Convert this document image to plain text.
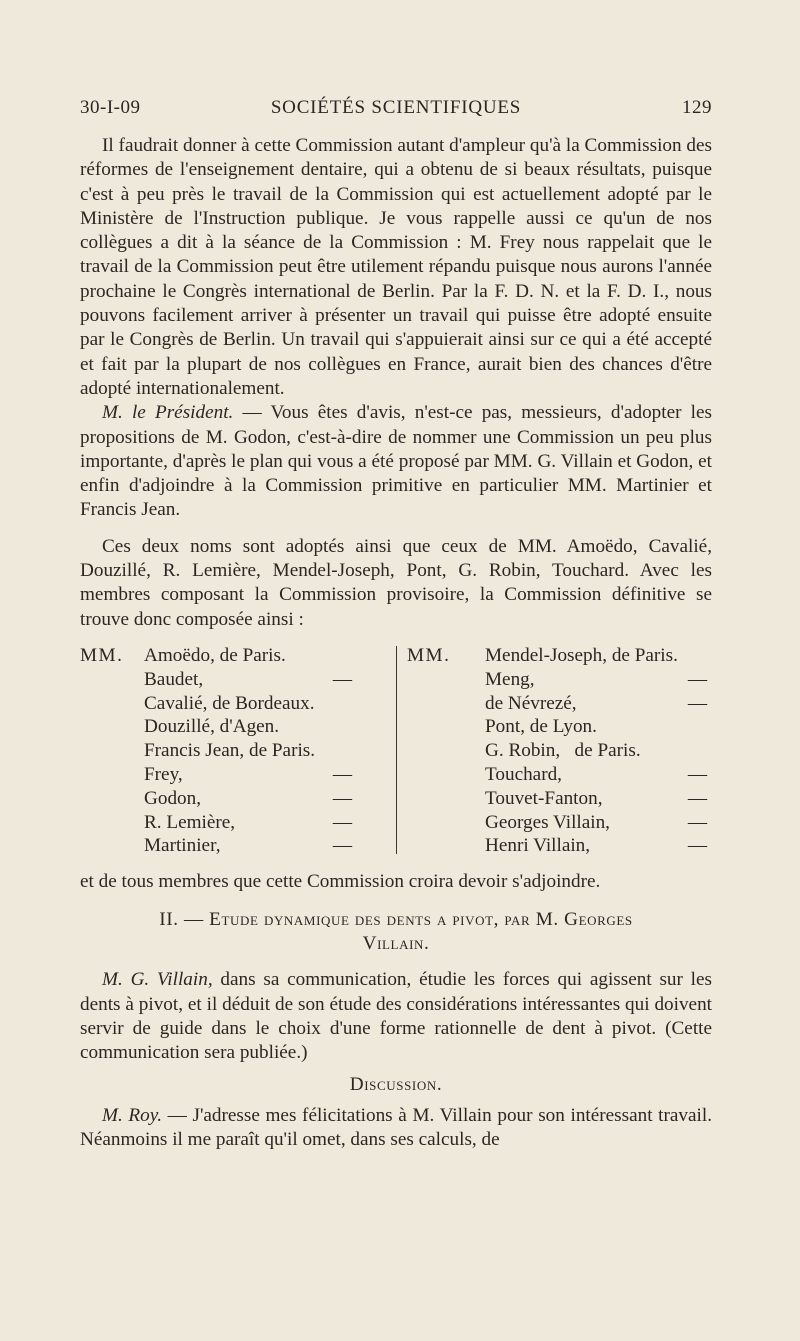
30-I-09	SOCIÉTÉS SCIENTIFIQUES	129

Il faudrait donner à cette Commission autant d'ampleur qu'à la Commission des réformes de l'enseignement dentaire, qui a obtenu de si beaux résultats, puisque c'est à peu près le travail de la Commission qui est actuellement adopté par le Ministère de l'Instruction publique. Je vous rappelle aussi ce qu'un de nos collègues a dit à la séance de la Commission : M. Frey nous rappelait que le travail de la Commission peut être utilement répandu puisque nous aurons l'année prochaine le Congrès international de Berlin. Par la F. D. N. et la F. D. I., nous pouvons facilement arriver à présenter un travail qui puisse être adopté ensuite par le Congrès de Berlin. Un travail qui s'appuierait ainsi sur ce qui a été accepté et fait par la plupart de nos collègues en France, aurait bien des chances d'être adopté internationalement.

M. le Président. — Vous êtes d'avis, n'est-ce pas, messieurs, d'adopter les propositions de M. Godon, c'est-à-dire de nommer une Commission un peu plus importante, d'après le plan qui vous a été proposé par MM. G. Villain et Godon, et enfin d'adjoindre à la Commission primitive en particulier MM. Martinier et Francis Jean.

Ces deux noms sont adoptés ainsi que ceux de MM. Amoëdo, Cavalié, Douzillé, R. Lemière, Mendel-Joseph, Pont, G. Robin, Touchard. Avec les membres composant la Commission provisoire, la Commission définitive se trouve donc composée ainsi :

MM. Amoëdo, de Paris.
Baudet,	—
Cavalié, de Bordeaux.
Douzillé, d'Agen.
Francis Jean, de Paris.
Frey,	—
Godon,	—
R. Lemière,	—
Martinier,	—
MM. Mendel-Joseph, de Paris.
Meng,	—
de Névrezé,	—
Pont, de Lyon.
G. Robin,   de Paris.
Touchard,	—
Touvet-Fanton,	—
Georges Villain,	—
Henri Villain,	—

et de tous membres que cette Commission croira devoir s'adjoindre.

II. — Etude dynamique des dents a pivot, par M. Georges
Villain.

M. G. Villain, dans sa communication, étudie les forces qui agissent sur les dents à pivot, et il déduit de son étude des considérations intéressantes qui doivent servir de guide dans le choix d'une forme rationnelle de dent à pivot. (Cette communication sera publiée.)

Discussion.

M. Roy. — J'adresse mes félicitations à M. Villain pour son intéressant travail. Néanmoins il me paraît qu'il omet, dans ses calculs, de
